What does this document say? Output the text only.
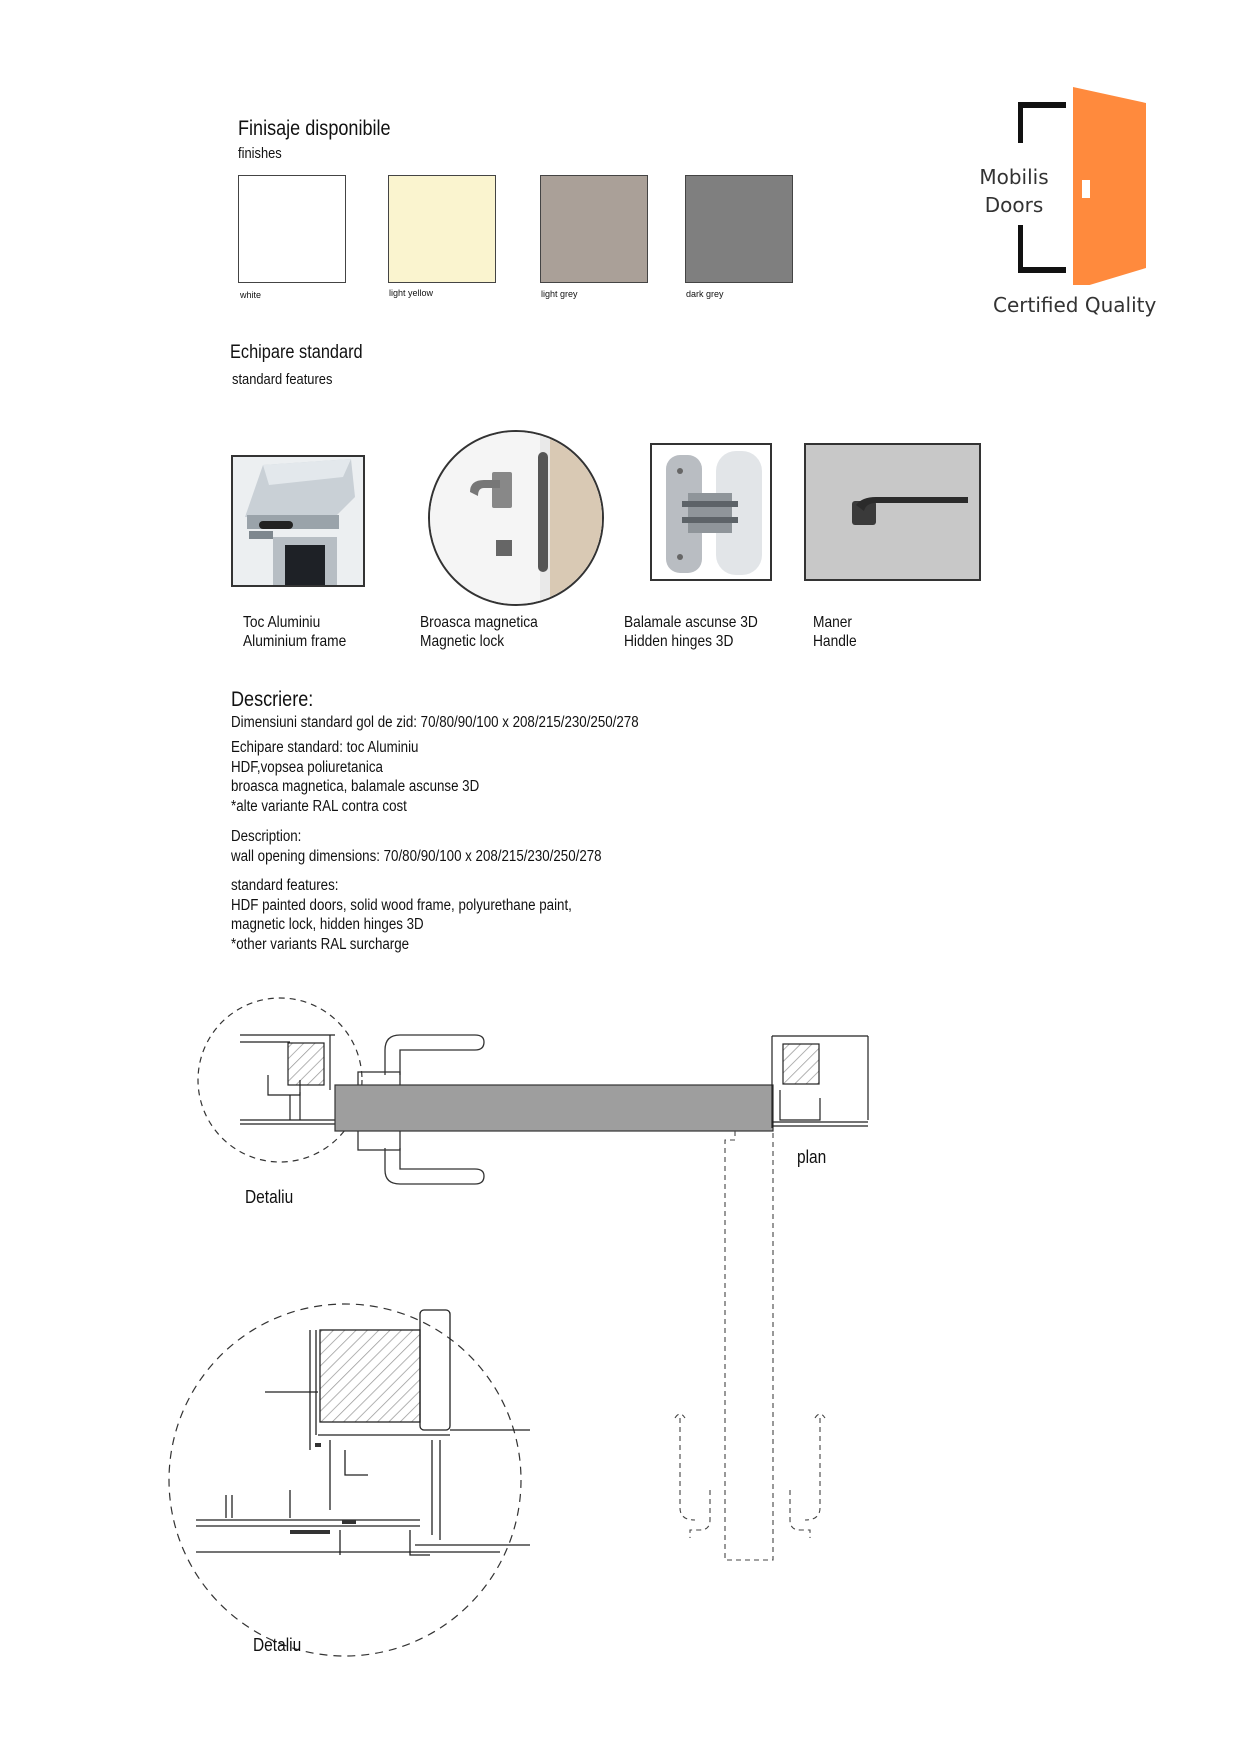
Finisaje disponibile
finishes
white	light yellow	light grey	dark grey
Mobilis
Doors
Certified Quality
Echipare standard
standard features
Toc Aluminiu
Aluminium frame
Broasca magnetica
Magnetic lock
Balamale ascunse 3D
Hidden hinges 3D
Maner
Handle
Descriere:
Dimensiuni standard gol de zid: 70/80/90/100 x 208/215/230/250/278
Echipare standard: toc Aluminiu
HDF,vopsea poliuretanica
broasca magnetica, balamale ascunse 3D
*alte variante RAL contra cost
Description:
wall opening dimensions: 70/80/90/100 x 208/215/230/250/278
standard features:
HDF painted doors, solid wood frame, polyurethane paint,
magnetic lock, hidden hinges 3D
*other variants RAL surcharge
Detaliu
plan
Detaliu
